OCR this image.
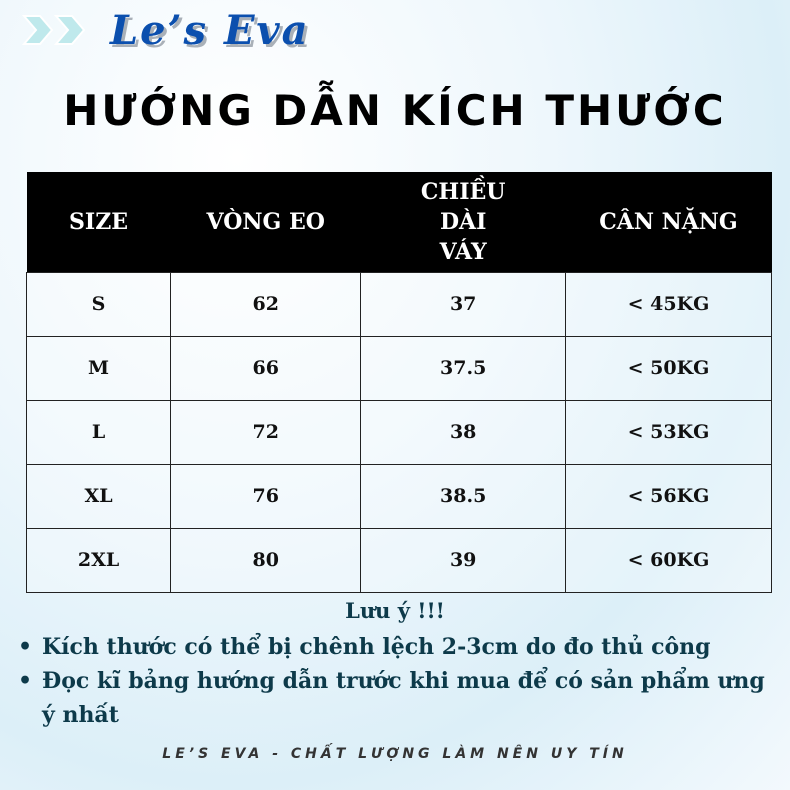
Le’s Eva
HƯỚNG DẪN KÍCH THƯỚC
SIZE	VÒNG EO	CHIỀU DÀI VÁY	CÂN NẶNG
S	62	37	< 45KG
M	66	37.5	< 50KG
L	72	38	< 53KG
XL	76	38.5	< 56KG
2XL	80	39	< 60KG
Lưu ý !!!
• Kích thước có thể bị chênh lệch 2-3cm do đo thủ công
• Đọc kĩ bảng hướng dẫn trước khi mua để có sản phẩm ưng ý nhất
LE’S EVA - CHẤT LƯỢNG LÀM NÊN UY TÍN
